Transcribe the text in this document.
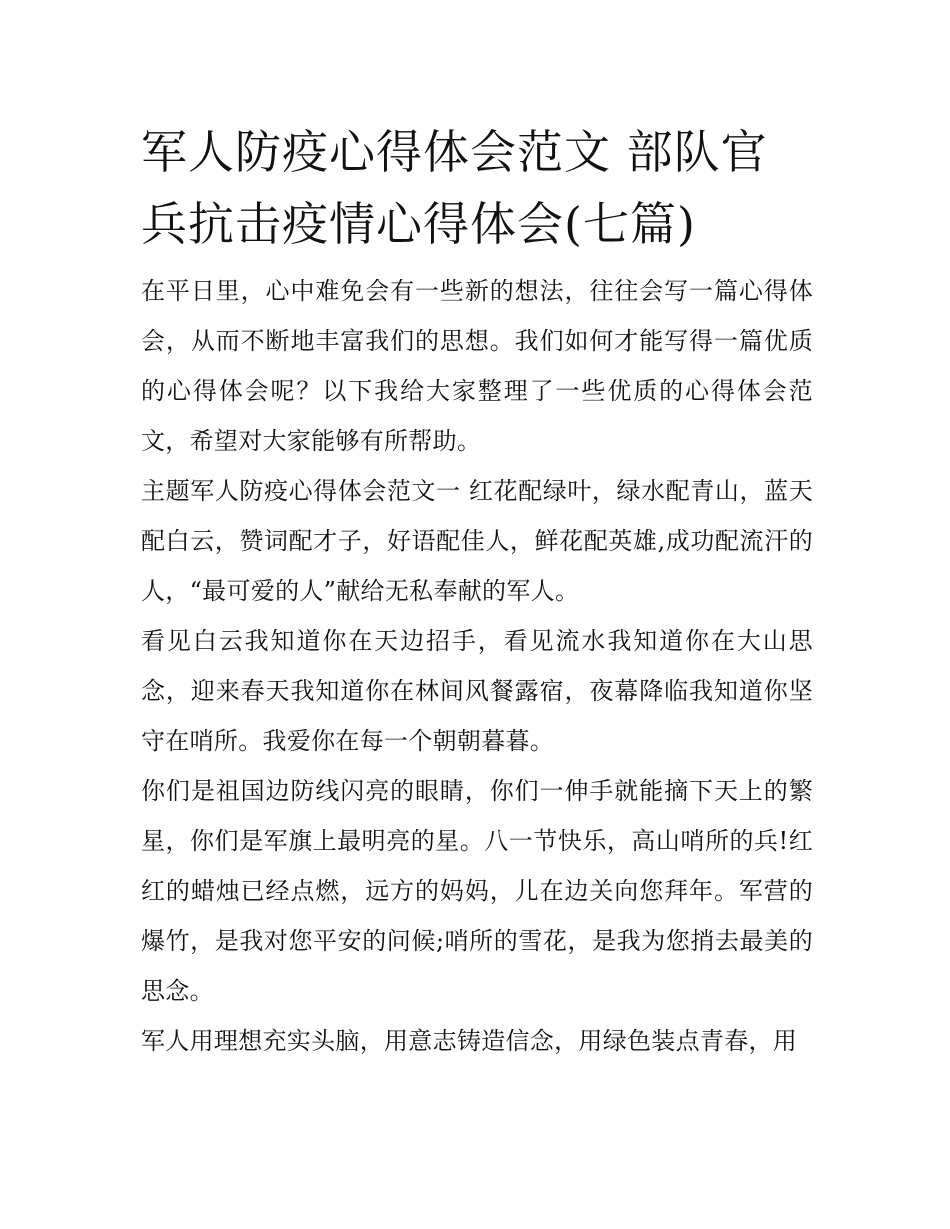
军人防疫心得体会范文 部队官兵抗击疫情心得体会(七篇)

在平日里，心中难免会有一些新的想法，往往会写一篇心得体会，从而不断地丰富我们的思想。我们如何才能写得一篇优质的心得体会呢？以下我给大家整理了一些优质的心得体会范文，希望对大家能够有所帮助。

主题军人防疫心得体会范文一 红花配绿叶，绿水配青山，蓝天配白云，赞词配才子，好语配佳人，鲜花配英雄,成功配流汗的人，“最可爱的人”献给无私奉献的军人。

看见白云我知道你在天边招手，看见流水我知道你在大山思念，迎来春天我知道你在林间风餐露宿，夜幕降临我知道你坚守在哨所。我爱你在每一个朝朝暮暮。

你们是祖国边防线闪亮的眼睛，你们一伸手就能摘下天上的繁星，你们是军旗上最明亮的星。八一节快乐，高山哨所的兵!红红的蜡烛已经点燃，远方的妈妈，儿在边关向您拜年。军营的爆竹，是我对您平安的问候;哨所的雪花，是我为您捎去最美的思念。

军人用理想充实头脑，用意志铸造信念，用绿色装点青春，用
